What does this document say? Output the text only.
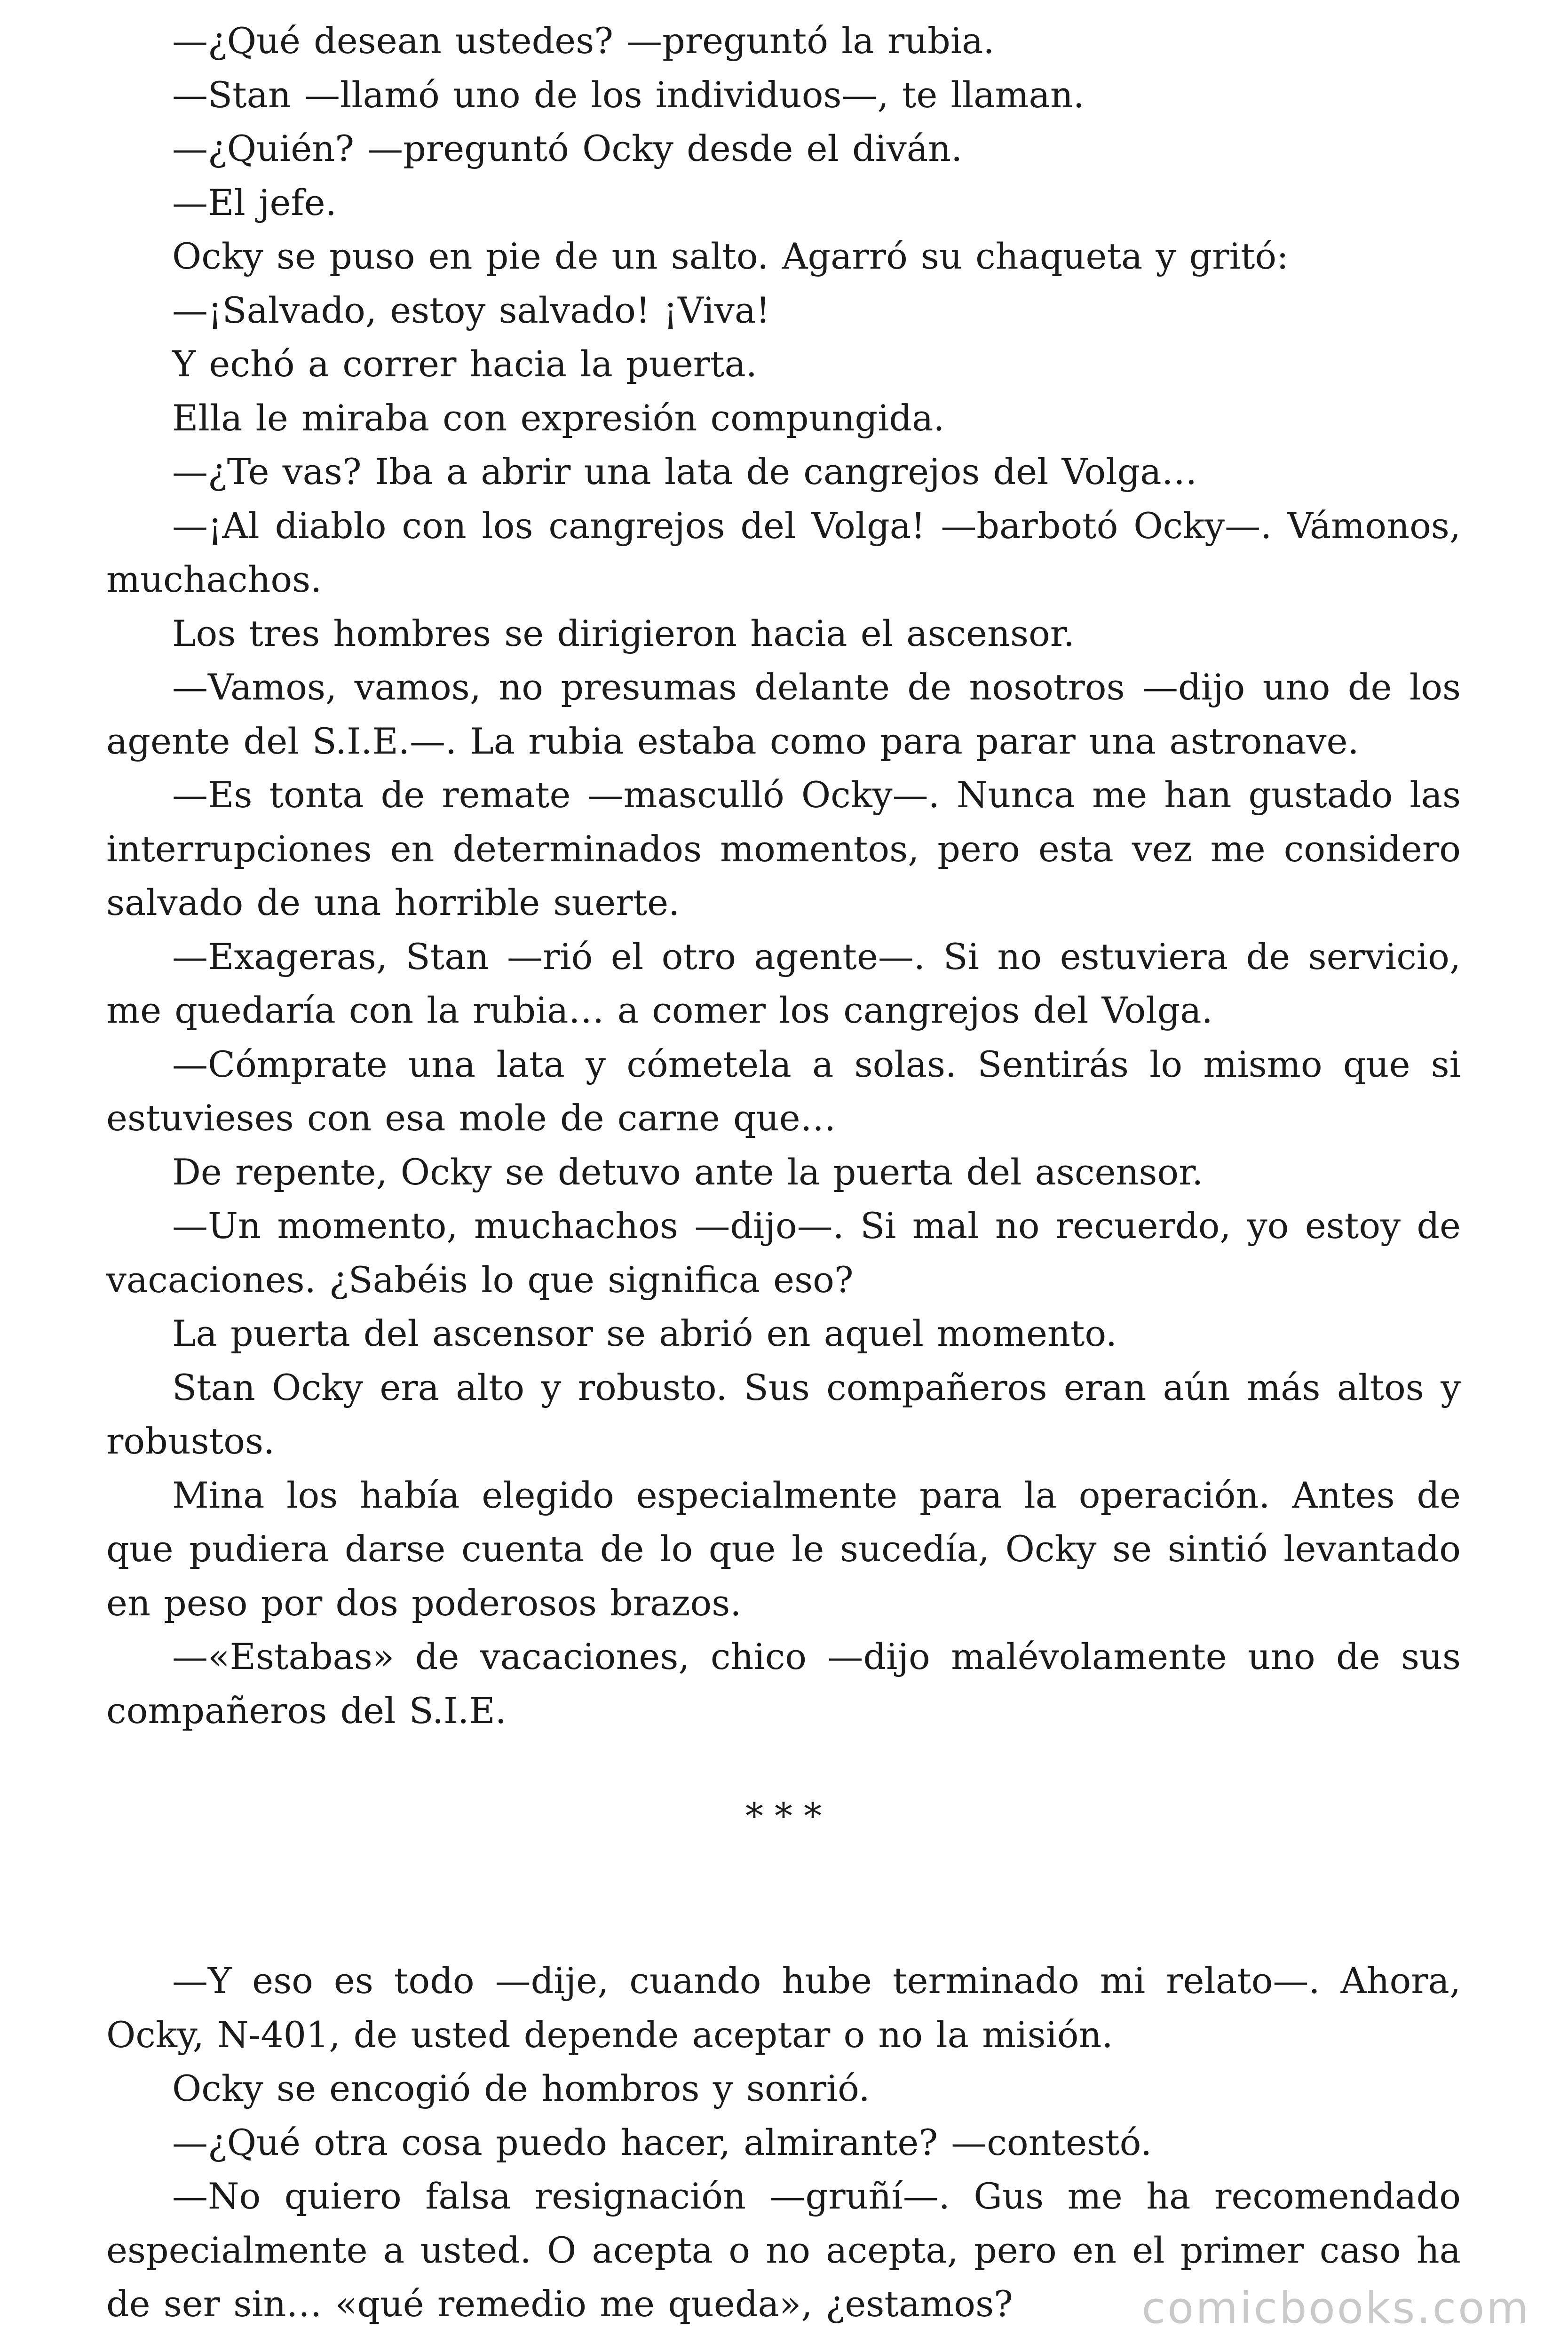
—¿Qué desean ustedes? —preguntó la rubia.

—Stan —llamó uno de los individuos—, te llaman.

—¿Quién? —preguntó Ocky desde el diván.

—El jefe.

Ocky se puso en pie de un salto. Agarró su chaqueta y gritó:

—¡Salvado, estoy salvado! ¡Viva!

Y echó a correr hacia la puerta.

Ella le miraba con expresión compungida.

—¿Te vas? Iba a abrir una lata de cangrejos del Volga…

—¡Al diablo con los cangrejos del Volga! —barbotó Ocky—. Vámonos, muchachos.

Los tres hombres se dirigieron hacia el ascensor.

—Vamos, vamos, no presumas delante de nosotros —dijo uno de los agente del S.I.E.—. La rubia estaba como para parar una astronave.

—Es tonta de remate —masculló Ocky—. Nunca me han gustado las interrupciones en determinados momentos, pero esta vez me considero salvado de una horrible suerte.

—Exageras, Stan —rió el otro agente—. Si no estuviera de servicio, me quedaría con la rubia… a comer los cangrejos del Volga.

—Cómprate una lata y cómetela a solas. Sentirás lo mismo que si estuvieses con esa mole de carne que…

De repente, Ocky se detuvo ante la puerta del ascensor.

—Un momento, muchachos —dijo—. Si mal no recuerdo, yo estoy de vacaciones. ¿Sabéis lo que significa eso?

La puerta del ascensor se abrió en aquel momento.

Stan Ocky era alto y robusto. Sus compañeros eran aún más altos y robustos.

Mina los había elegido especialmente para la operación. Antes de que pudiera darse cuenta de lo que le sucedía, Ocky se sintió levantado en peso por dos poderosos brazos.

—«Estabas» de vacaciones, chico —dijo malévolamente uno de sus compañeros del S.I.E.

* * *

—Y eso es todo —dije, cuando hube terminado mi relato—. Ahora, Ocky, N-401, de usted depende aceptar o no la misión.

Ocky se encogió de hombros y sonrió.

—¿Qué otra cosa puedo hacer, almirante? —contestó.

—No quiero falsa resignación —gruñí—. Gus me ha recomendado especialmente a usted. O acepta o no acepta, pero en el primer caso ha de ser sin… «qué remedio me queda», ¿estamos?	comicbooks.com
